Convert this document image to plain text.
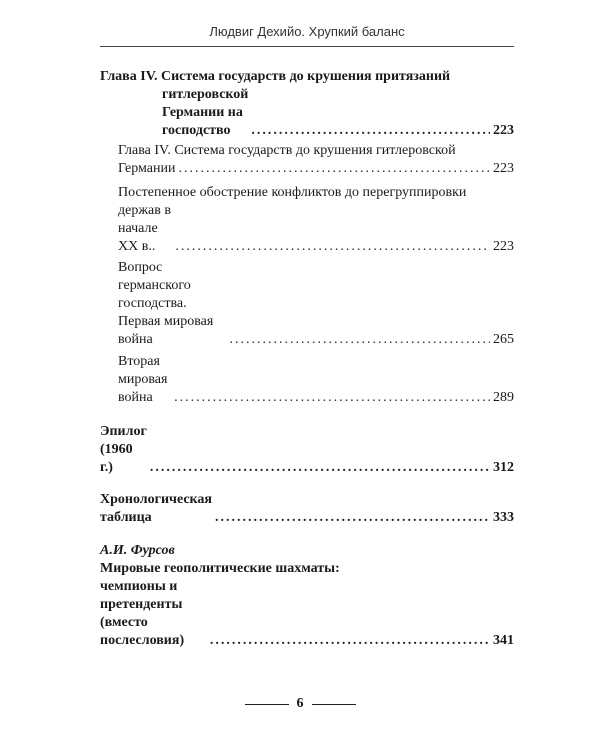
Людвиг Дехийо. Хрупкий баланс
Глава IV. Система государств до крушения притязаний
гитлеровской Германии на господство .....	223
Глава IV. Система государств до крушения гитлеровской
Германии .....	223
Постепенное обострение конфликтов до перегруппировки
держав в начале XX в.. .....	223
Вопрос германского господства. Первая мировая война .....	265
Вторая мировая война .....	289
Эпилог (1960 г.) .....	312
Хронологическая таблица .....	333
А.И. Фурсов
Мировые геополитические шахматы:
чемпионы и претенденты (вместо послесловия) .....	341
6
